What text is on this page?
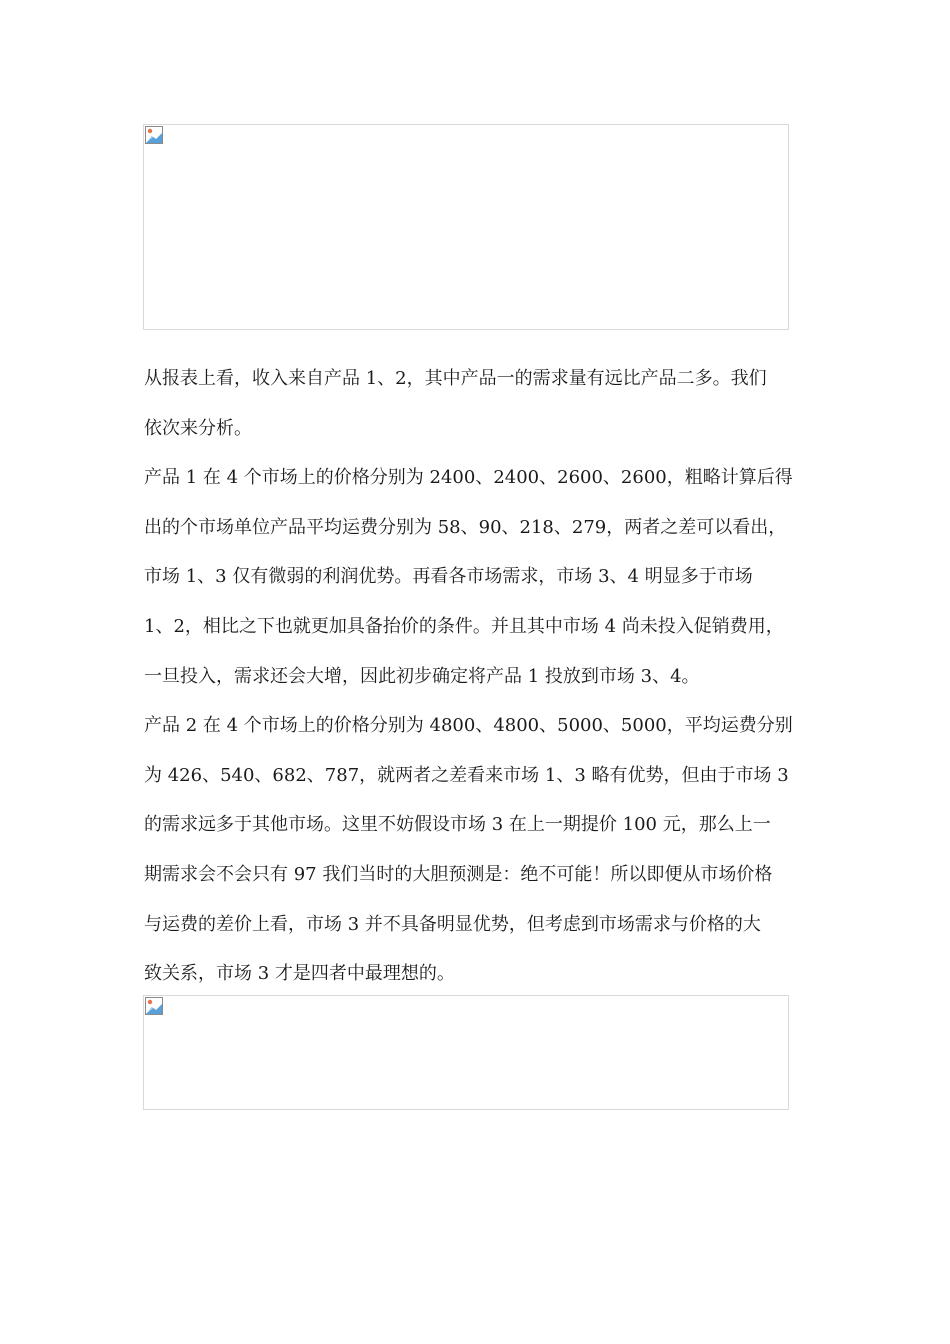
从报表上看，收入来自产品 1、2，其中产品一的需求量有远比产品二多。我们
依次来分析。
产品 1 在 4 个市场上的价格分别为 2400、2400、2600、2600，粗略计算后得
出的个市场单位产品平均运费分别为 58、90、218、279，两者之差可以看出，
市场 1、3 仅有微弱的利润优势。再看各市场需求，市场 3、4 明显多于市场
1、2，相比之下也就更加具备抬价的条件。并且其中市场 4 尚未投入促销费用，
一旦投入，需求还会大增，因此初步确定将产品 1 投放到市场 3、4。
产品 2 在 4 个市场上的价格分别为 4800、4800、5000、5000，平均运费分别
为 426、540、682、787，就两者之差看来市场 1、3 略有优势，但由于市场 3
的需求远多于其他市场。这里不妨假设市场 3 在上一期提价 100 元，那么上一
期需求会不会只有 97 我们当时的大胆预测是：绝不可能！所以即便从市场价格
与运费的差价上看，市场 3 并不具备明显优势，但考虑到市场需求与价格的大
致关系，市场 3 才是四者中最理想的。
